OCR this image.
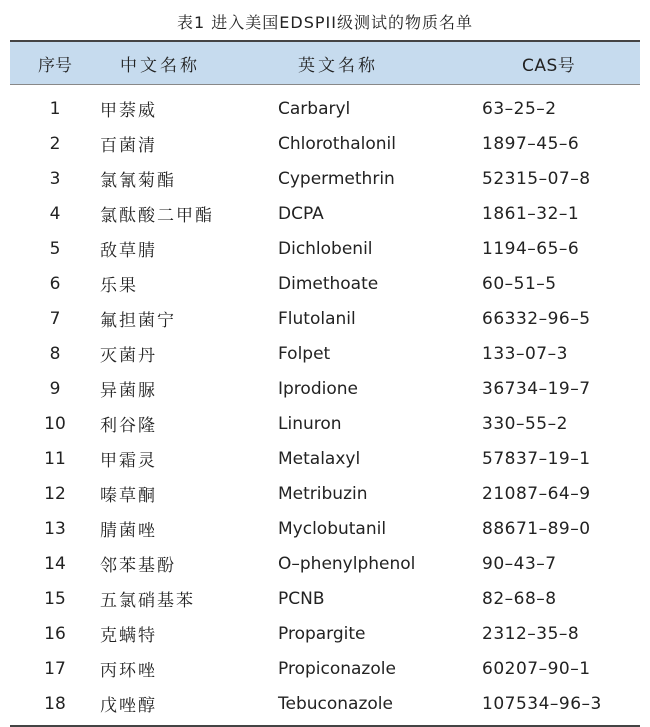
表1 进入美国EDSPII级测试的物质名单
序号	中文名称	英文名称	CAS号
1	甲萘威	Carbaryl	63–25–2
2	百菌清	Chlorothalonil	1897–45–6
3	氯氰菊酯	Cypermethrin	52315–07–8
4	氯酞酸二甲酯	DCPA	1861–32–1
5	敌草腈	Dichlobenil	1194–65–6
6	乐果	Dimethoate	60–51–5
7	氟担菌宁	Flutolanil	66332–96–5
8	灭菌丹	Folpet	133–07–3
9	异菌脲	Iprodione	36734–19–7
10	利谷隆	Linuron	330–55–2
11	甲霜灵	Metalaxyl	57837–19–1
12	嗪草酮	Metribuzin	21087–64–9
13	腈菌唑	Myclobutanil	88671–89–0
14	邻苯基酚	O–phenylphenol	90–43–7
15	五氯硝基苯	PCNB	82–68–8
16	克螨特	Propargite	2312–35–8
17	丙环唑	Propiconazole	60207–90–1
18	戊唑醇	Tebuconazole	107534–96–3
